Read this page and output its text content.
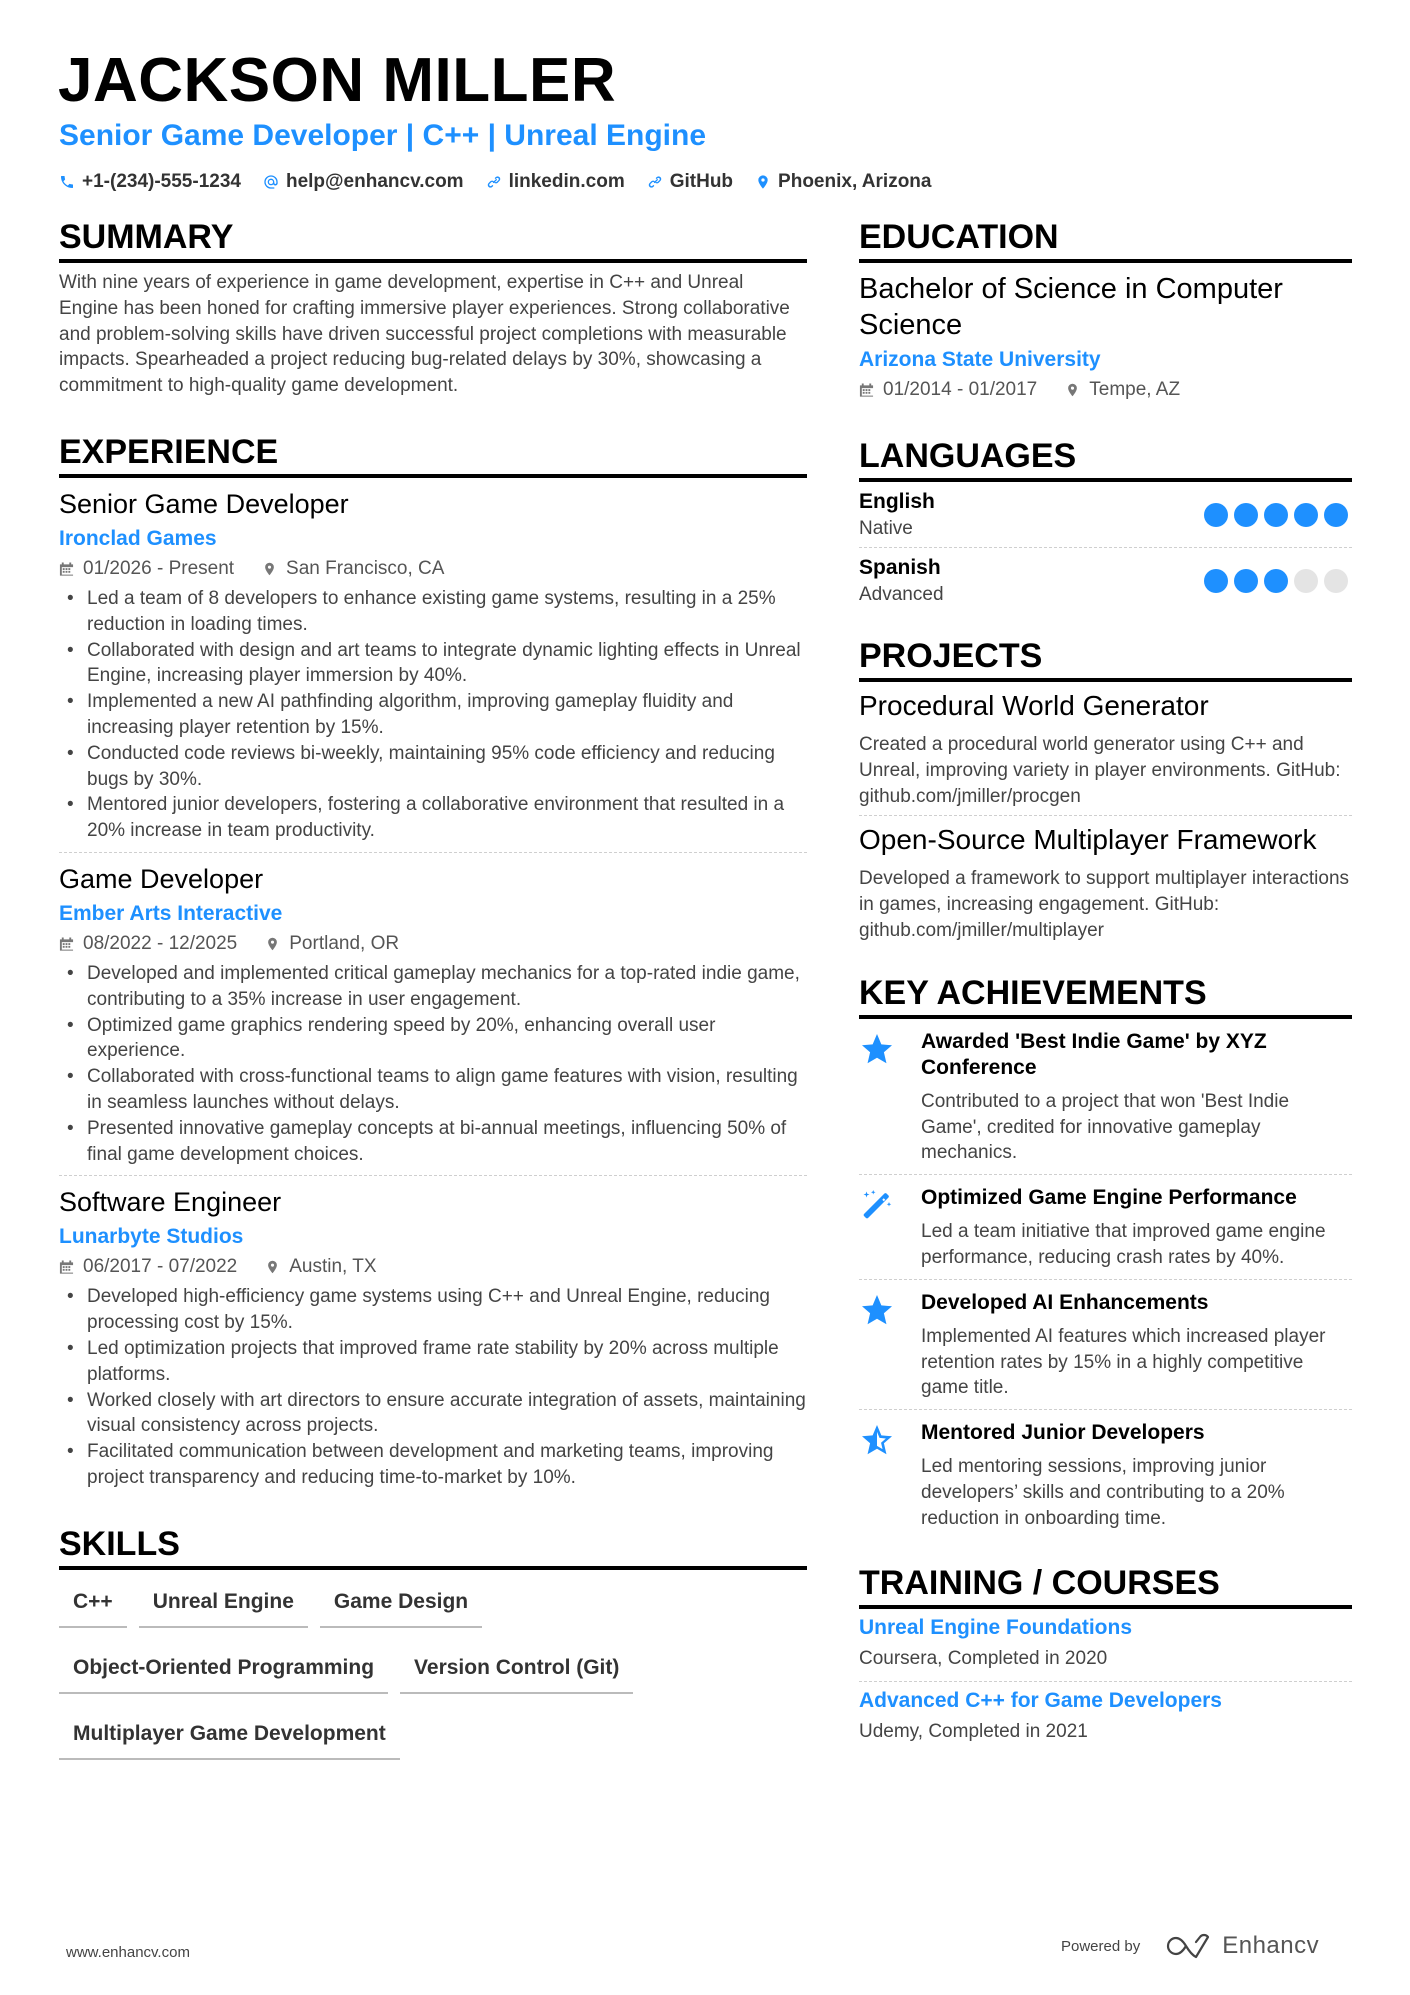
JACKSON MILLER
Senior Game Developer | C++ | Unreal Engine
+1-(234)-555-1234 help@enhancv.com linkedin.com GitHub Phoenix, Arizona
SUMMARY

With nine years of experience in game development, expertise in C++ and Unreal Engine has been honed for crafting immersive player experiences. Strong collaborative and problem-solving skills have driven successful project completions with measurable impacts. Spearheaded a project reducing bug-related delays by 30%, showcasing a commitment to high-quality game development.

EXPERIENCE
Senior Game Developer
Ironclad Games
01/2026 - Present	San Francisco, CA
• Led a team of 8 developers to enhance existing game systems, resulting in a 25% reduction in loading times.
• Collaborated with design and art teams to integrate dynamic lighting effects in Unreal Engine, increasing player immersion by 40%.
• Implemented a new AI pathfinding algorithm, improving gameplay fluidity and increasing player retention by 15%.
• Conducted code reviews bi-weekly, maintaining 95% code efficiency and reducing bugs by 30%.
• Mentored junior developers, fostering a collaborative environment that resulted in a 20% increase in team productivity.
Game Developer
Ember Arts Interactive
08/2022 - 12/2025	Portland, OR
• Developed and implemented critical gameplay mechanics for a top-rated indie game, contributing to a 35% increase in user engagement.
• Optimized game graphics rendering speed by 20%, enhancing overall user experience.
• Collaborated with cross-functional teams to align game features with vision, resulting in seamless launches without delays.
• Presented innovative gameplay concepts at bi-annual meetings, influencing 50% of final game development choices.
Software Engineer
Lunarbyte Studios
06/2017 - 07/2022	Austin, TX
• Developed high-efficiency game systems using C++ and Unreal Engine, reducing processing cost by 15%.
• Led optimization projects that improved frame rate stability by 20% across multiple platforms.
• Worked closely with art directors to ensure accurate integration of assets, maintaining visual consistency across projects.
• Facilitated communication between development and marketing teams, improving project transparency and reducing time-to-market by 10%.
SKILLS
C++	Unreal Engine	Game Design
Object-Oriented Programming	Version Control (Git)
Multiplayer Game Development
EDUCATION
Bachelor of Science in Computer Science
Arizona State University
01/2014 - 01/2017	Tempe, AZ
LANGUAGES
English
Native
Spanish
Advanced
PROJECTS
Procedural World Generator
Created a procedural world generator using C++ and Unreal, improving variety in player environments. GitHub: github.com/jmiller/procgen
Open-Source Multiplayer Framework
Developed a framework to support multiplayer interactions in games, increasing engagement. GitHub: github.com/jmiller/multiplayer
KEY ACHIEVEMENTS
Awarded 'Best Indie Game' by XYZ Conference
Contributed to a project that won 'Best Indie Game', credited for innovative gameplay mechanics.
Optimized Game Engine Performance
Led a team initiative that improved game engine performance, reducing crash rates by 40%.
Developed AI Enhancements
Implemented AI features which increased player retention rates by 15% in a highly competitive game title.
Mentored Junior Developers
Led mentoring sessions, improving junior developers’ skills and contributing to a 20% reduction in onboarding time.
TRAINING / COURSES
Unreal Engine Foundations
Coursera, Completed in 2020
Advanced C++ for Game Developers
Udemy, Completed in 2021
www.enhancv.com	Powered by	Enhancv
